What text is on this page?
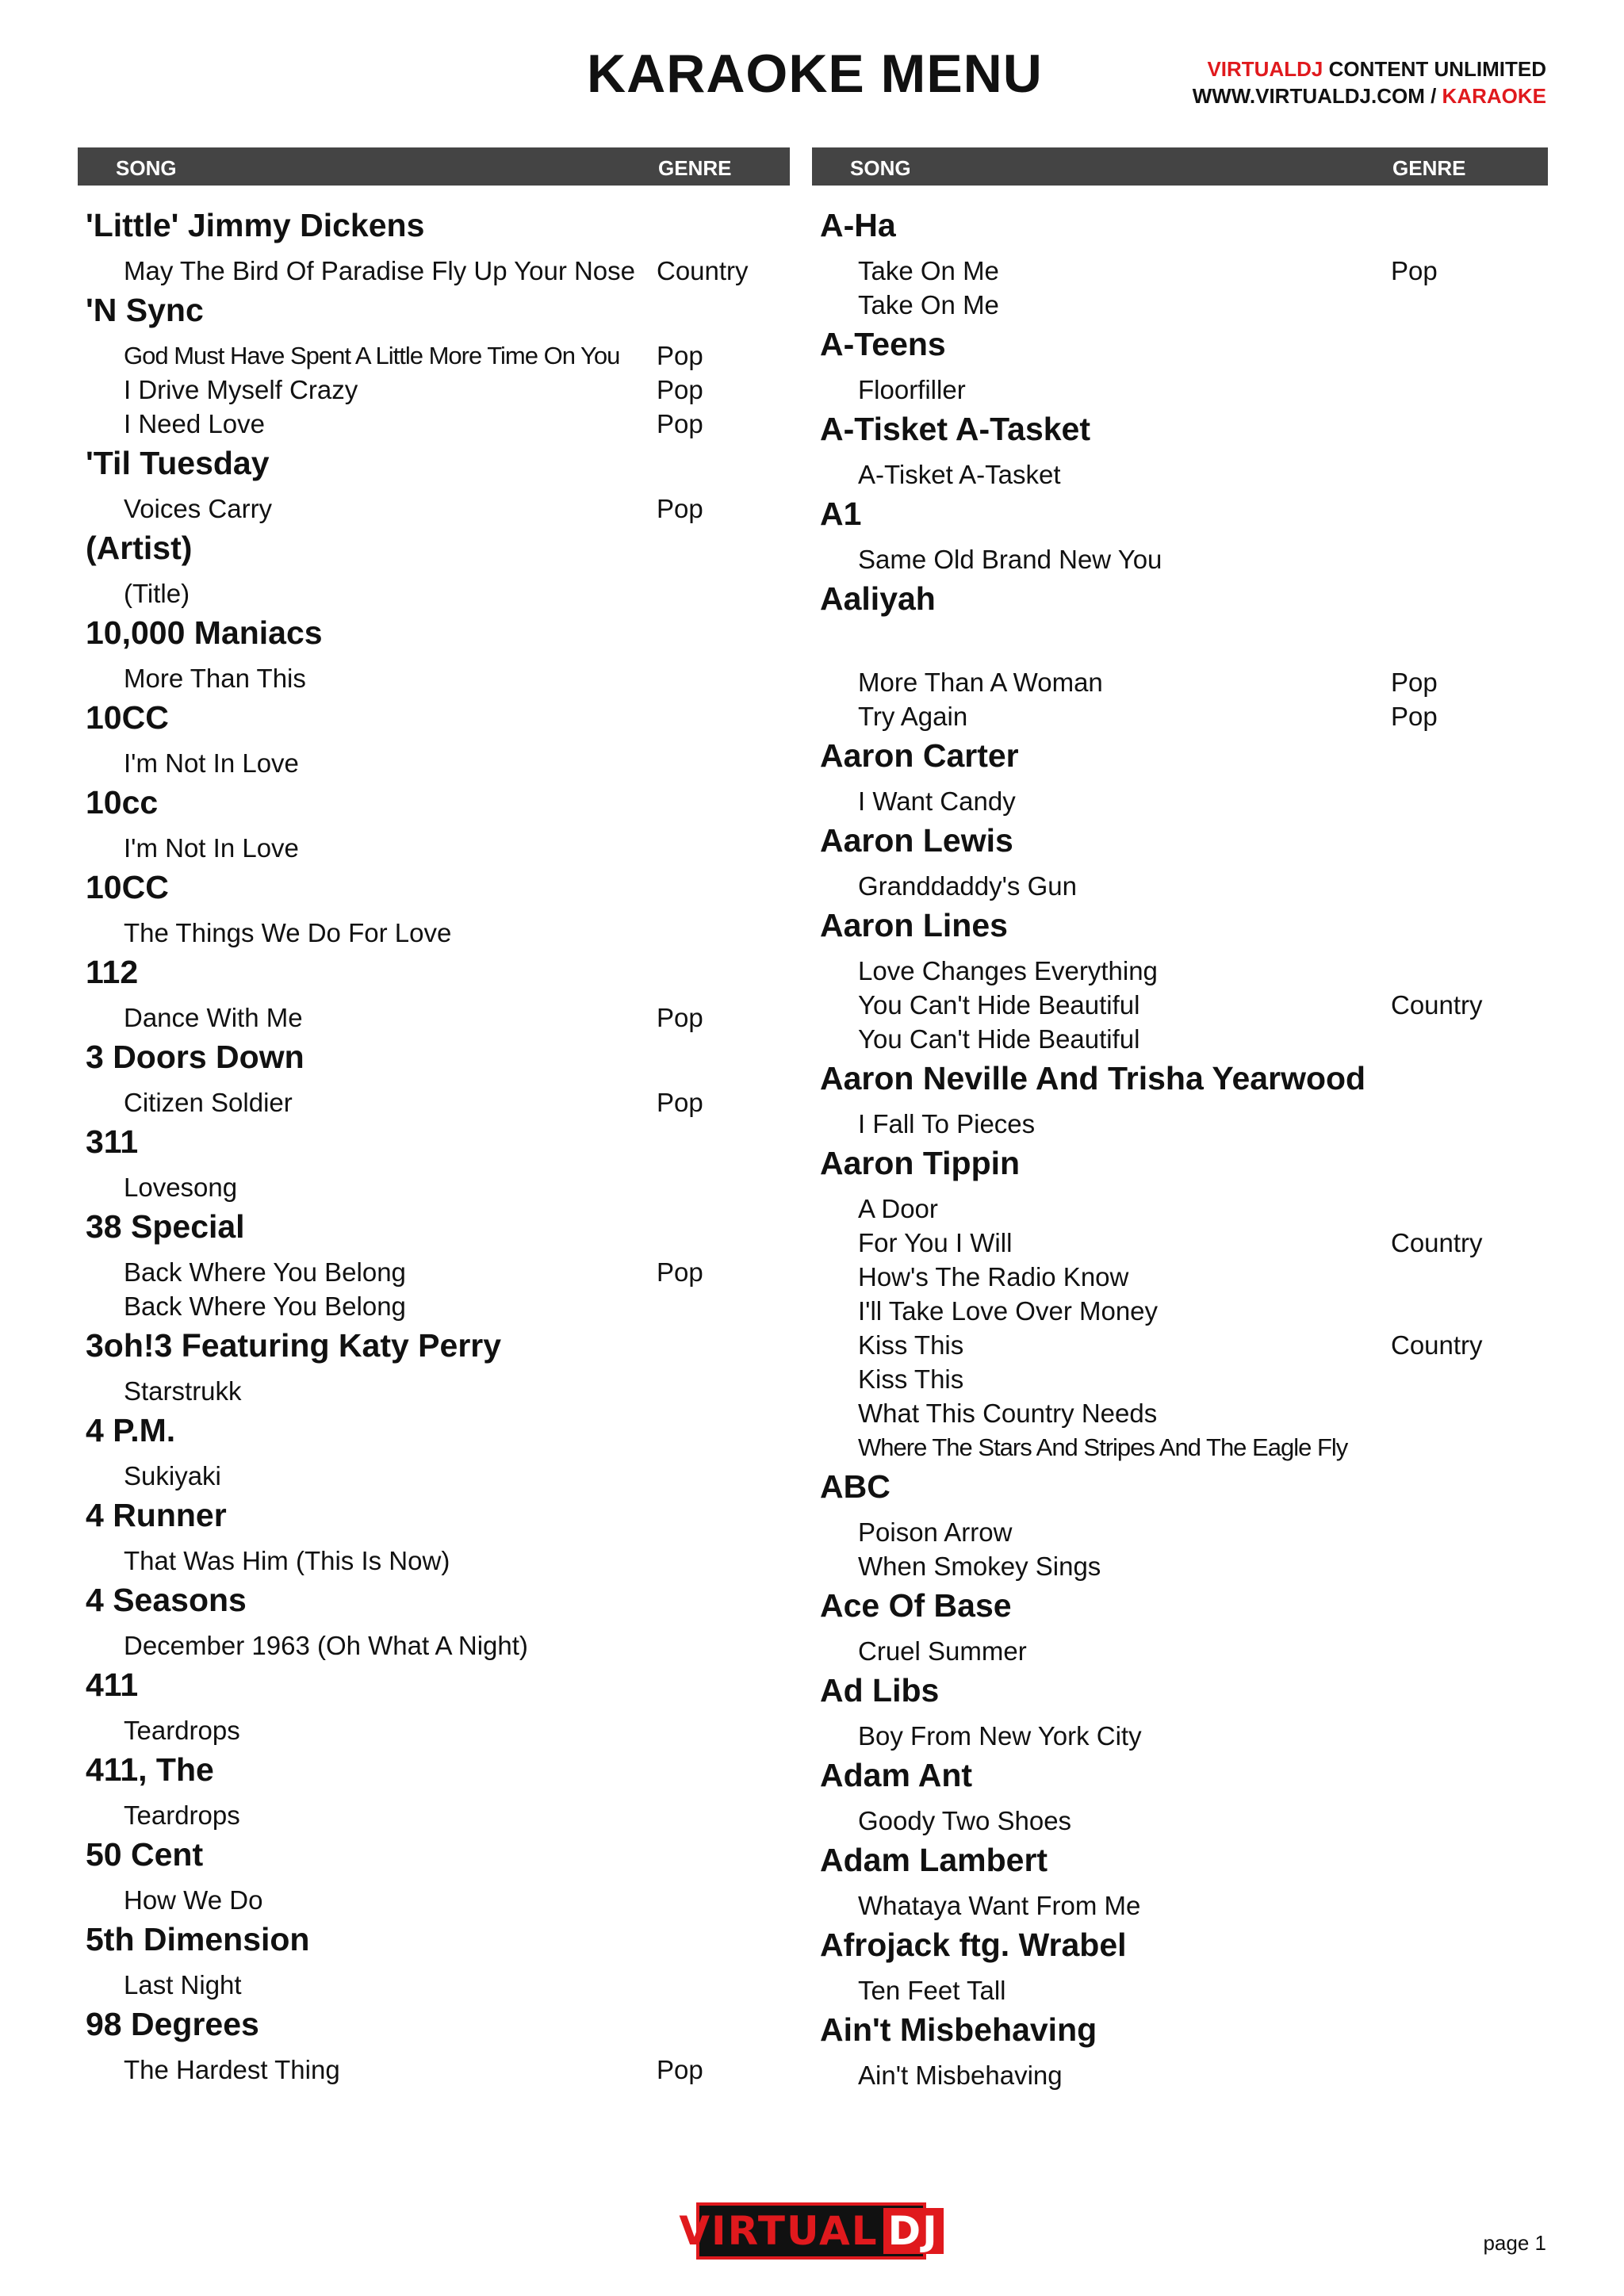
KARAOKE MENU	VIRTUALDJ CONTENT UNLIMITED
WWW.VIRTUALDJ.COM / KARAOKE
SONG	GENRE	SONG	GENRE
'Little' Jimmy Dickens
May The Bird Of Paradise Fly Up Your Nose Country
'N Sync
God Must Have Spent A Little More Time On You Pop
I Drive Myself Crazy	Pop
I Need Love	Pop
'Til Tuesday
Voices Carry	Pop
(Artist)
(Title)
10,000 Maniacs
More Than This
10CC
I'm Not In Love
10cc
I'm Not In Love
10CC
The Things We Do For Love
112
Dance With Me	Pop
3 Doors Down
Citizen Soldier	Pop
311
Lovesong
38 Special
Back Where You Belong	Pop
Back Where You Belong
3oh!3 Featuring Katy Perry
Starstrukk
4 P.M.
Sukiyaki
4 Runner
That Was Him (This Is Now)
4 Seasons
December 1963 (Oh What A Night)
411
Teardrops
411, The
Teardrops
50 Cent
How We Do
5th Dimension
Last Night
98 Degrees
The Hardest Thing	Pop
A-Ha
Take On Me	Pop
Take On Me
A-Teens
Floorfiller
A-Tisket A-Tasket
A-Tisket A-Tasket
A1
Same Old Brand New You
Aaliyah
More Than A Woman	Pop
Try Again	Pop
Aaron Carter
I Want Candy
Aaron Lewis
Granddaddy's Gun
Aaron Lines
Love Changes Everything
You Can't Hide Beautiful	Country
You Can't Hide Beautiful
Aaron Neville And Trisha Yearwood
I Fall To Pieces
Aaron Tippin
A Door
For You I Will	Country
How's The Radio Know
I'll Take Love Over Money
Kiss This	Country
Kiss This
What This Country Needs
Where The Stars And Stripes And The Eagle Fly
ABC
Poison Arrow
When Smokey Sings
Ace Of Base
Cruel Summer
Ad Libs
Boy From New York City
Adam Ant
Goody Two Shoes
Adam Lambert
Whataya Want From Me
Afrojack ftg. Wrabel
Ten Feet Tall
Ain't Misbehaving
Ain't Misbehaving
VIRTUAL DJ	page 1
